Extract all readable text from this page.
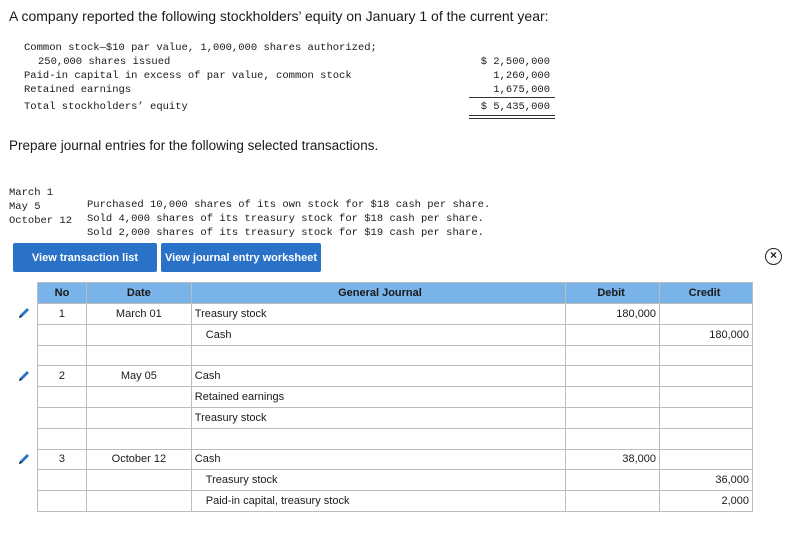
A company reported the following stockholders’ equity on January 1 of the current year:
Common stock—$10 par value, 1,000,000 shares authorized;
250,000 shares issued	$ 2,500,000
Paid-in capital in excess of par value, common stock	1,260,000
Retained earnings	1,675,000
Total stockholders’ equity	$ 5,435,000
Prepare journal entries for the following selected transactions.

March 1

Purchased 10,000 shares of its own stock for $18 cash per share.

May 5

Sold 4,000 shares of its treasury stock for $18 cash per share.

October 12

Sold 2,000 shares of its treasury stock for $19 cash per share.

View transaction list	View journal entry worksheet	×
No	Date	General Journal	Debit	Credit
1	March 01	Treasury stock	180,000	
		Cash		180,000

2	May 05	Cash		
		Retained earnings		
		Treasury stock		

3	October 12	Cash	38,000	
		Treasury stock		36,000
		Paid-in capital, treasury stock		2,000
